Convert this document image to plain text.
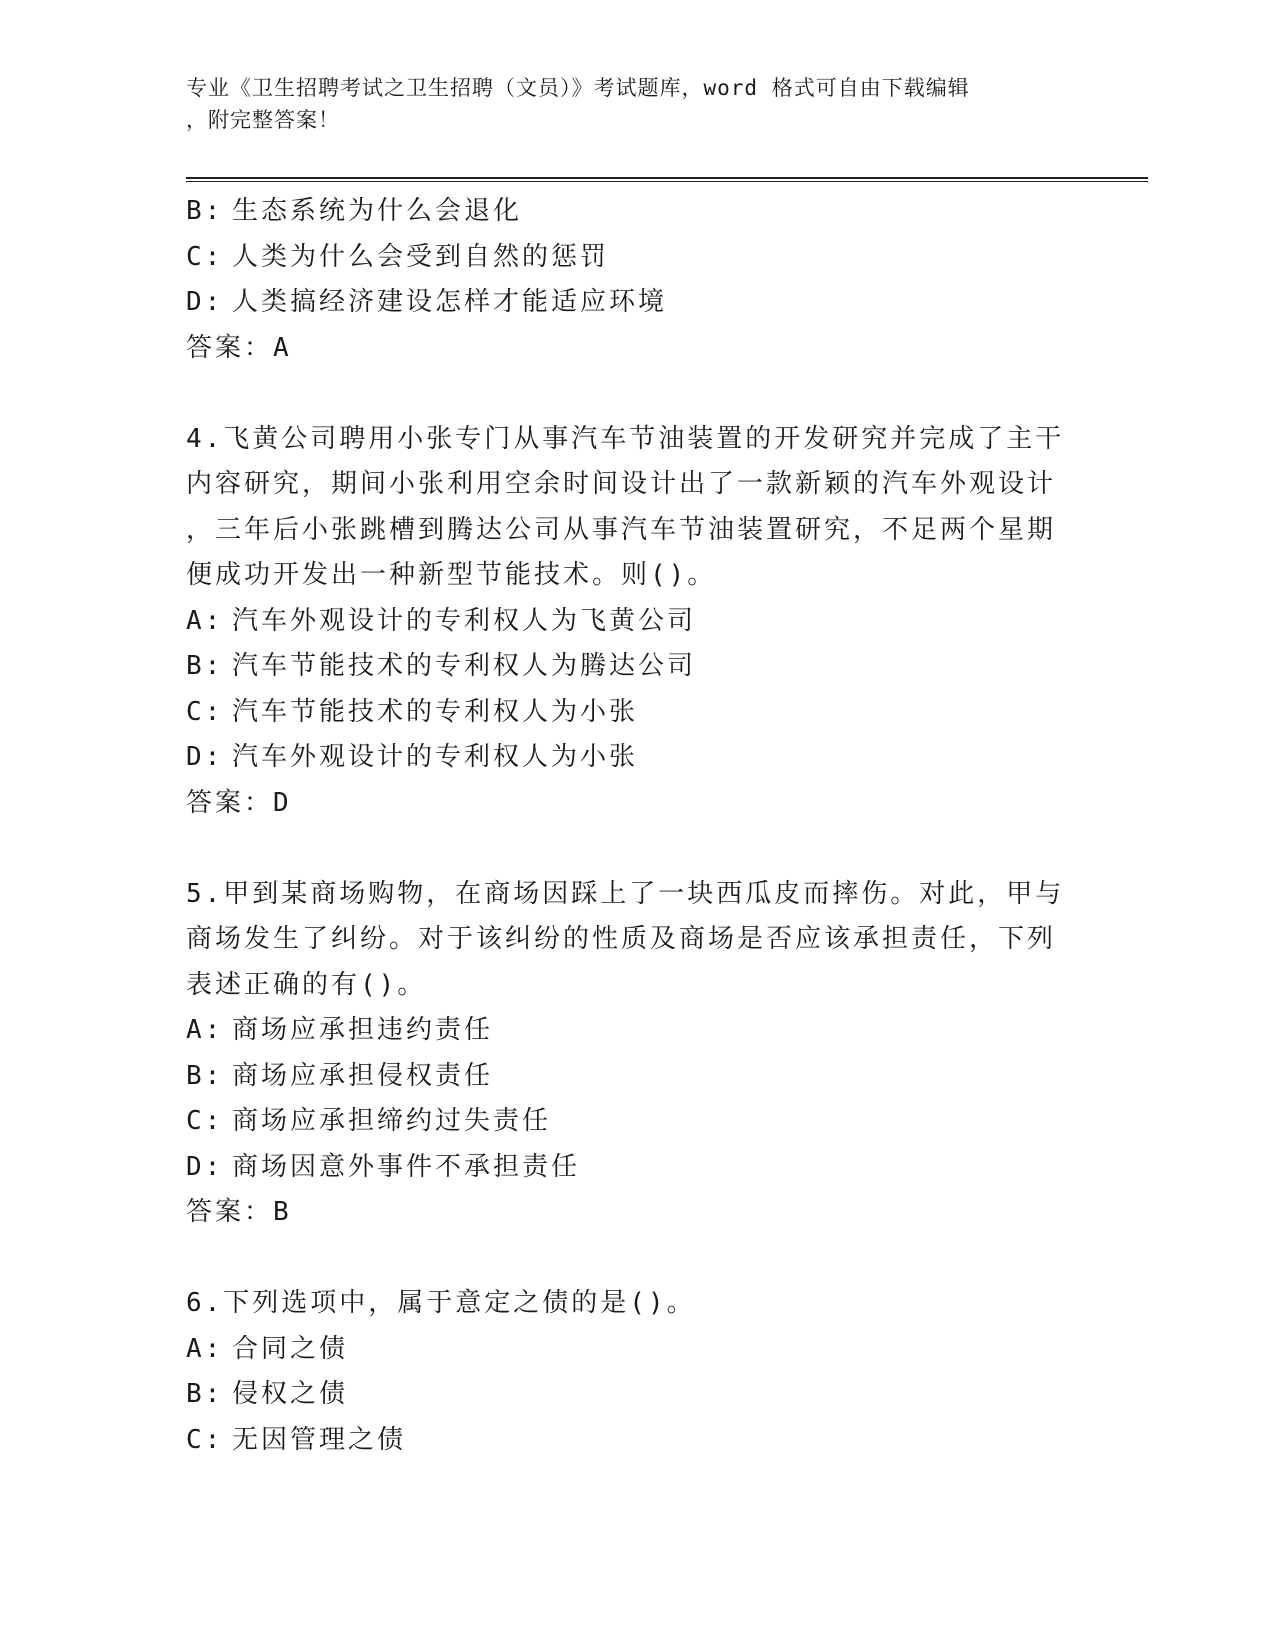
专业《卫生招聘考试之卫生招聘（文员）》考试题库，word 格式可自由下载编辑
，附完整答案！
B: 生态系统为什么会退化
C: 人类为什么会受到自然的惩罚
D: 人类搞经济建设怎样才能适应环境
答案：A
4.飞黄公司聘用小张专门从事汽车节油装置的开发研究并完成了主干
内容研究，期间小张利用空余时间设计出了一款新颖的汽车外观设计
，三年后小张跳槽到腾达公司从事汽车节油装置研究，不足两个星期
便成功开发出一种新型节能技术。则()。
A: 汽车外观设计的专利权人为飞黄公司
B: 汽车节能技术的专利权人为腾达公司
C: 汽车节能技术的专利权人为小张
D: 汽车外观设计的专利权人为小张
答案：D
5.甲到某商场购物，在商场因踩上了一块西瓜皮而摔伤。对此，甲与
商场发生了纠纷。对于该纠纷的性质及商场是否应该承担责任，下列
表述正确的有()。
A: 商场应承担违约责任
B: 商场应承担侵权责任
C: 商场应承担缔约过失责任
D: 商场因意外事件不承担责任
答案：B
6.下列选项中，属于意定之债的是()。
A: 合同之债
B: 侵权之债
C: 无因管理之债
